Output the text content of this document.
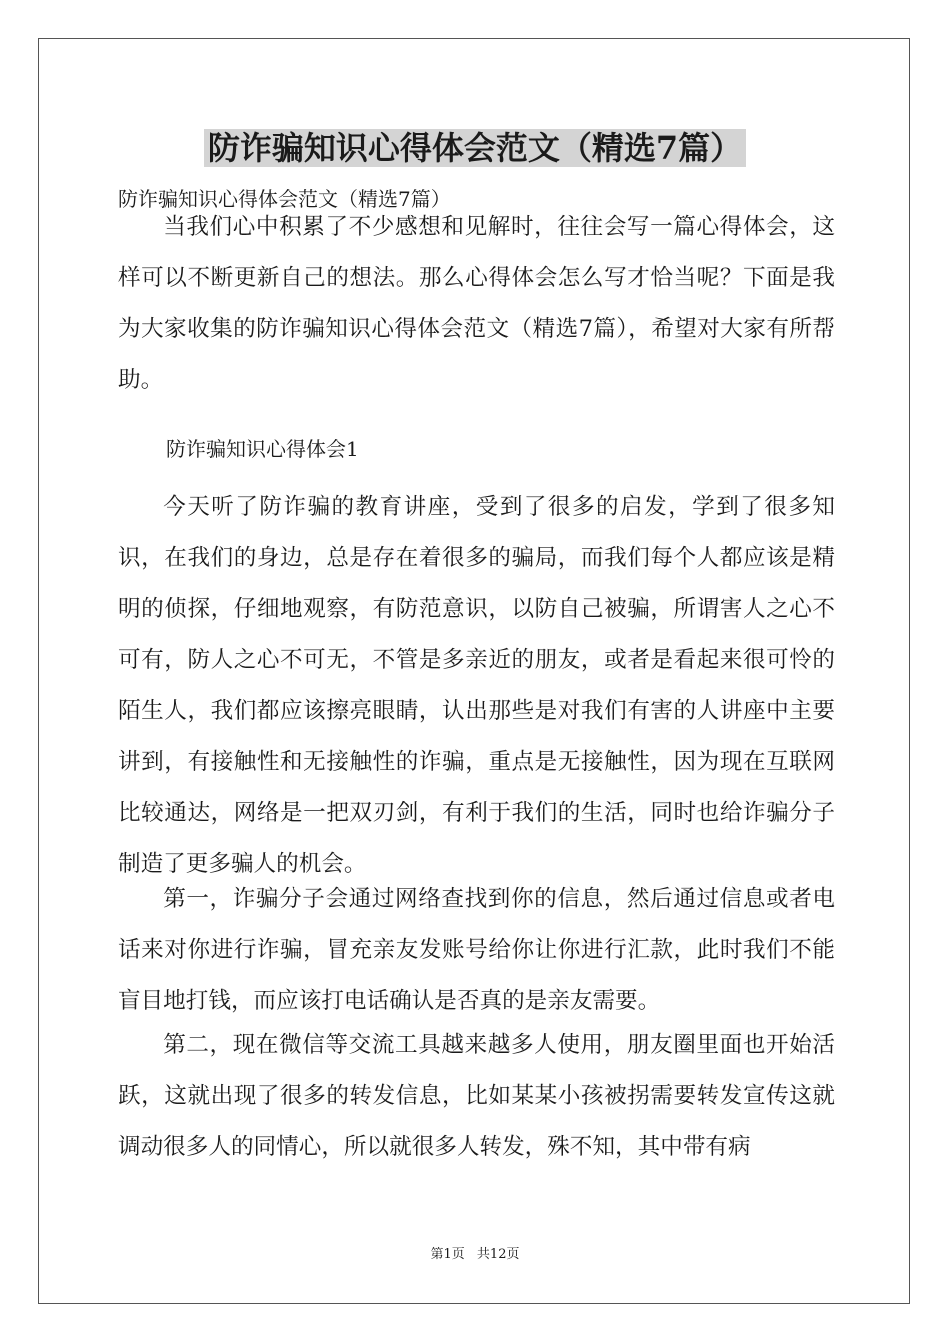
防诈骗知识心得体会范文（精选7篇）
防诈骗知识心得体会范文（精选7篇）

当我们心中积累了不少感想和见解时，往往会写一篇心得体会，这样可以不断更新自己的想法。那么心得体会怎么写才恰当呢？下面是我为大家收集的防诈骗知识心得体会范文（精选7篇），希望对大家有所帮助。

防诈骗知识心得体会1

今天听了防诈骗的教育讲座，受到了很多的启发，学到了很多知识，在我们的身边，总是存在着很多的骗局，而我们每个人都应该是精明的侦探，仔细地观察，有防范意识，以防自己被骗，所谓害人之心不可有，防人之心不可无，不管是多亲近的朋友，或者是看起来很可怜的陌生人，我们都应该擦亮眼睛，认出那些是对我们有害的人讲座中主要讲到，有接触性和无接触性的诈骗，重点是无接触性，因为现在互联网比较通达，网络是一把双刃剑，有利于我们的生活，同时也给诈骗分子制造了更多骗人的机会。

第一，诈骗分子会通过网络查找到你的信息，然后通过信息或者电话来对你进行诈骗，冒充亲友发账号给你让你进行汇款，此时我们不能盲目地打钱，而应该打电话确认是否真的是亲友需要。

第二，现在微信等交流工具越来越多人使用，朋友圈里面也开始活跃，这就出现了很多的转发信息，比如某某小孩被拐需要转发宣传这就调动很多人的同情心，所以就很多人转发，殊不知，其中带有病

第1页 共12页
